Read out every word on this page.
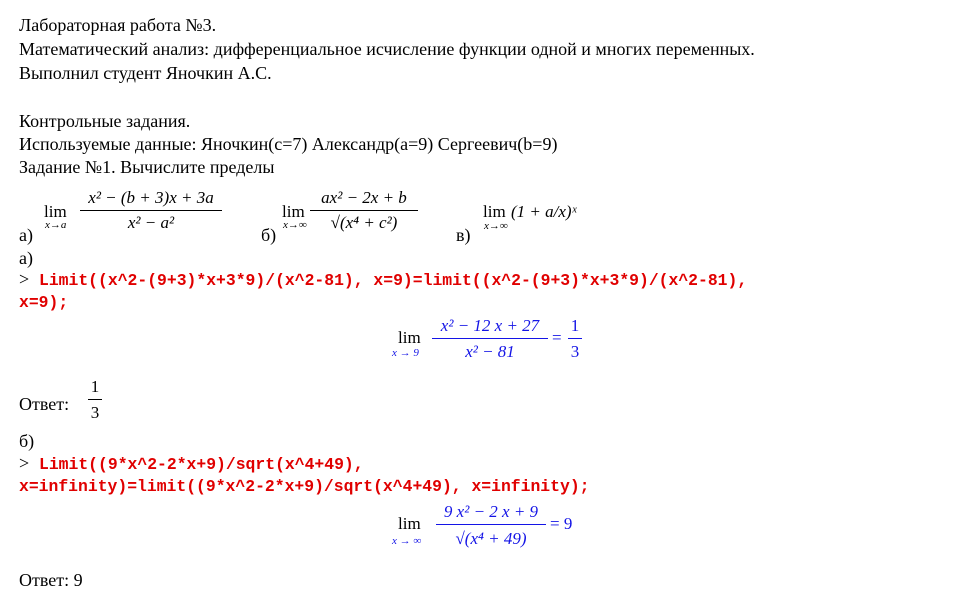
Лабораторная работа №3.
Математический анализ: дифференциальное исчисление функции одной и многих переменных.
Выполнил студент Яночкин А.С.
Контрольные задания.
Используемые данные: Яночкин(c=7) Александр(a=9) Сергеевич(b=9)
Задание №1. Вычислите пределы
а)
lim
x→a
x² − (b + 3)x + 3a
x² − a²
б)
lim
x→∞
ax² − 2x + b
√(x⁴ + c²)
в)
lim
x→∞
(1 + a/x)ˣ
а)
> Limit((x^2-(9+3)*x+3*9)/(x^2-81), x=9)=limit((x^2-(9+3)*x+3*9)/(x^2-81),
x=9);
lim
x → 9
x² − 12 x + 27
x² − 81
=
1
3
Ответ:
1
3
б)
> Limit((9*x^2-2*x+9)/sqrt(x^4+49),
x=infinity)=limit((9*x^2-2*x+9)/sqrt(x^4+49), x=infinity);
lim
x → ∞
9 x² − 2 x + 9
√(x⁴ + 49)
= 9
Ответ: 9
